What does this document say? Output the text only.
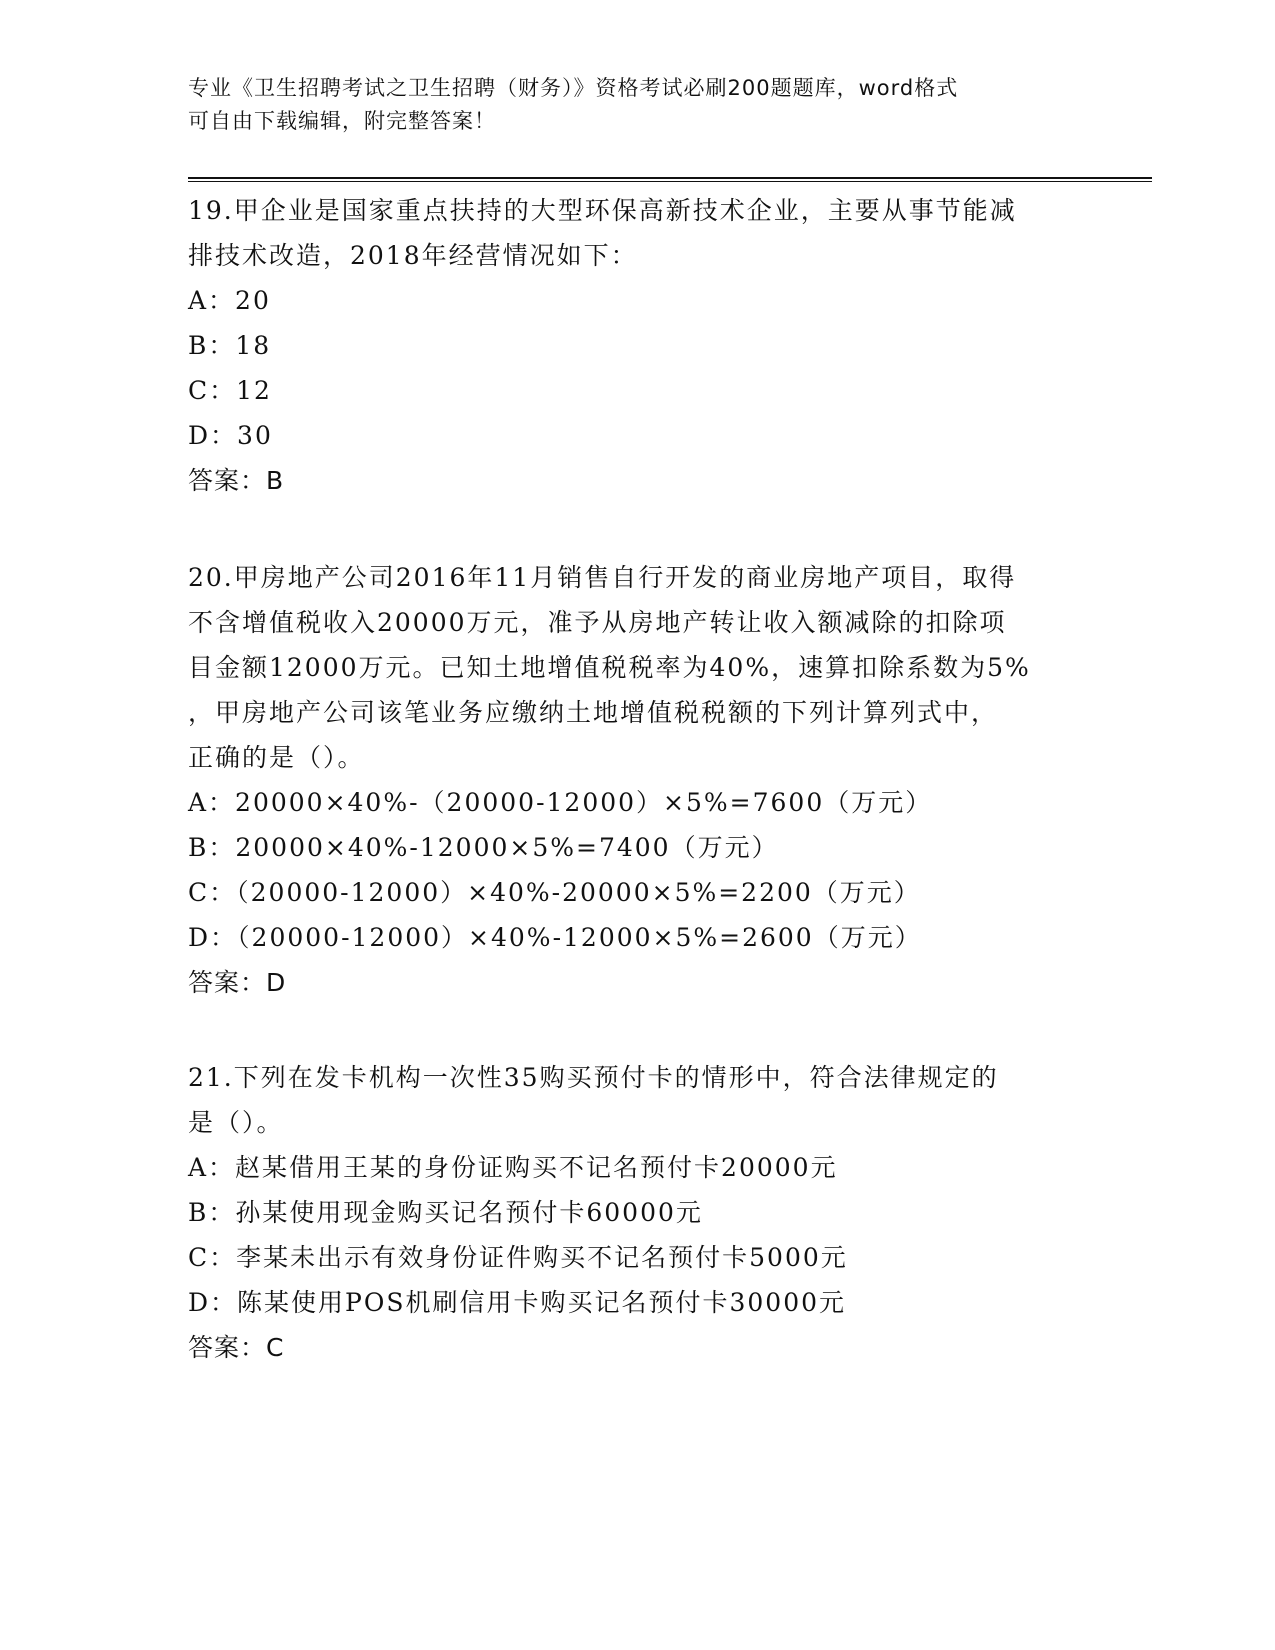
专业《卫生招聘考试之卫生招聘（财务）》资格考试必刷200题题库，word格式
可自由下载编辑，附完整答案！

19.甲企业是国家重点扶持的大型环保高新技术企业，主要从事节能减

排技术改造，2018年经营情况如下：

A：20

B：18

C：12

D：30

答案：B

20.甲房地产公司2016年11月销售自行开发的商业房地产项目，取得

不含增值税收入20000万元，准予从房地产转让收入额减除的扣除项

目金额12000万元。已知土地增值税税率为40%，速算扣除系数为5%

，甲房地产公司该笔业务应缴纳土地增值税税额的下列计算列式中，

正确的是（）。

A：20000×40%-（20000-12000）×5%=7600（万元）

B：20000×40%-12000×5%=7400（万元）

C：（20000-12000）×40%-20000×5%=2200（万元）

D：（20000-12000）×40%-12000×5%=2600（万元）

答案：D

21.下列在发卡机构一次性35购买预付卡的情形中，符合法律规定的

是（）。

A：赵某借用王某的身份证购买不记名预付卡20000元

B：孙某使用现金购买记名预付卡60000元

C：李某未出示有效身份证件购买不记名预付卡5000元

D：陈某使用POS机刷信用卡购买记名预付卡30000元

答案：C
